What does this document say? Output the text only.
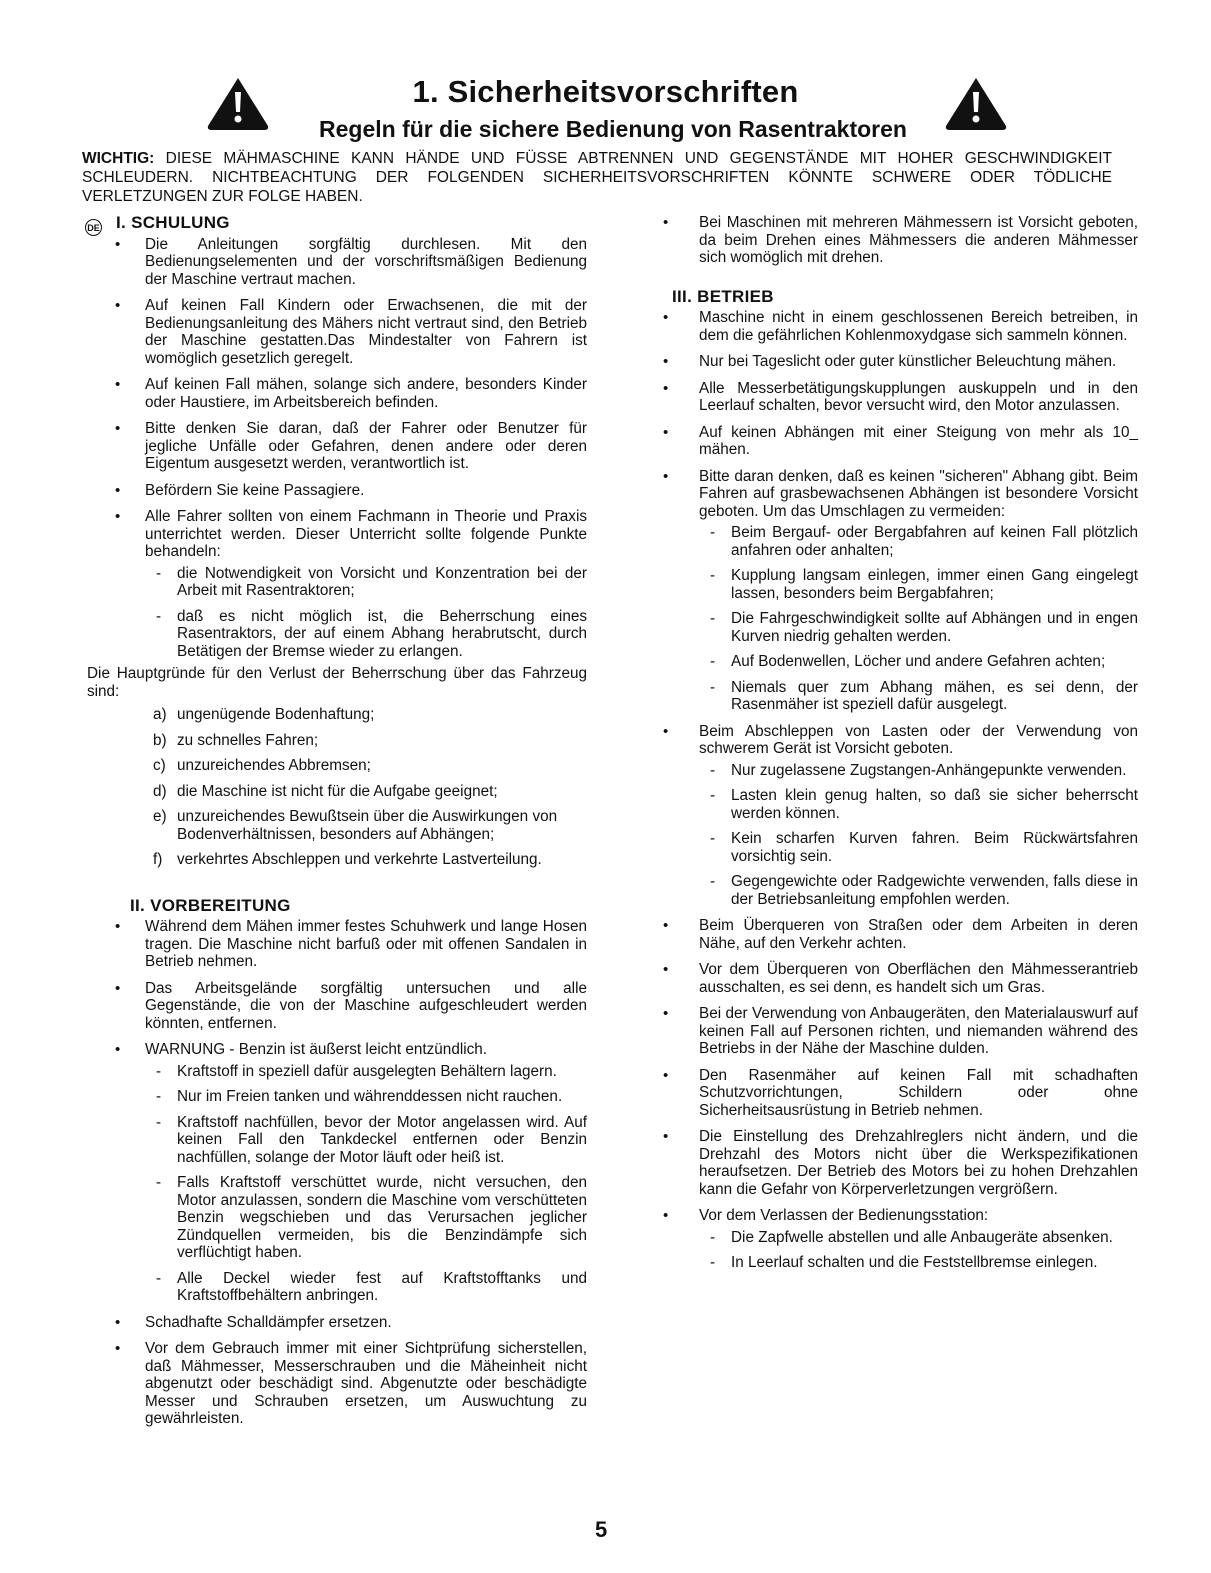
1. Sicherheitsvorschriften
Regeln für die sichere Bedienung von Rasentraktoren
WICHTIG: DIESE MÄHMASCHINE KANN HÄNDE UND FÜSSE ABTRENNEN UND GEGENSTÄNDE MIT HOHER GESCHWINDIGKEIT SCHLEUDERN. NICHTBEACHTUNG DER FOLGENDEN SICHERHEITSVORSCHRIFTEN KÖNNTE SCHWERE ODER TÖDLICHE VERLETZUNGEN ZUR FOLGE HABEN.
DE I. SCHULUNG
• Die Anleitungen sorgfältig durchlesen. Mit den Bedienungselementen und der vorschriftsmäßigen Bedienung der Maschine vertraut machen.
• Auf keinen Fall Kindern oder Erwachsenen, die mit der Bedienungsanleitung des Mähers nicht vertraut sind, den Betrieb der Maschine gestatten.Das Mindestalter von Fahrern ist womöglich gesetzlich geregelt.
• Auf keinen Fall mähen, solange sich andere, besonders Kinder oder Haustiere, im Arbeitsbereich befinden.
• Bitte denken Sie daran, daß der Fahrer oder Benutzer für jegliche Unfälle oder Gefahren, denen andere oder deren Eigentum ausgesetzt werden, verantwortlich ist.
• Befördern Sie keine Passagiere.
• Alle Fahrer sollten von einem Fachmann in Theorie und Praxis unterrichtet werden. Dieser Unterricht sollte folgende Punkte behandeln:
- die Notwendigkeit von Vorsicht und Konzentration bei der Arbeit mit Rasentraktoren;
- daß es nicht möglich ist, die Beherrschung eines Rasentraktors, der auf einem Abhang herabrutscht, durch Betätigen der Bremse wieder zu erlangen.

Die Hauptgründe für den Verlust der Beherrschung über das Fahrzeug sind:

a) ungenügende Bodenhaftung;
b) zu schnelles Fahren;
c) unzureichendes Abbremsen;
d) die Maschine ist nicht für die Aufgabe geeignet;
e) unzureichendes Bewußtsein über die Auswirkungen von Bodenverhältnissen, besonders auf Abhängen;
f) verkehrtes Abschleppen und verkehrte Lastverteilung.
II. VORBEREITUNG
• Während dem Mähen immer festes Schuhwerk und lange Hosen tragen. Die Maschine nicht barfuß oder mit offenen Sandalen in Betrieb nehmen.
• Das Arbeitsgelände sorgfältig untersuchen und alle Gegenstände, die von der Maschine aufgeschleudert werden könnten, entfernen.
• WARNUNG - Benzin ist äußerst leicht entzündlich.
- Kraftstoff in speziell dafür ausgelegten Behältern lagern.
- Nur im Freien tanken und währenddessen nicht rauchen.
- Kraftstoff nachfüllen, bevor der Motor angelassen wird. Auf keinen Fall den Tankdeckel entfernen oder Benzin nachfüllen, solange der Motor läuft oder heiß ist.
- Falls Kraftstoff verschüttet wurde, nicht versuchen, den Motor anzulassen, sondern die Maschine vom verschütteten Benzin wegschieben und das Verursachen jeglicher Zündquellen vermeiden, bis die Benzindämpfe sich verflüchtigt haben.
- Alle Deckel wieder fest auf Kraftstofftanks und Kraftstoffbehältern anbringen.
• Schadhafte Schalldämpfer ersetzen.
• Vor dem Gebrauch immer mit einer Sichtprüfung sicherstellen, daß Mähmesser, Messerschrauben und die Mäheinheit nicht abgenutzt oder beschädigt sind. Abgenutzte oder beschädigte Messer und Schrauben ersetzen, um Auswuchtung zu gewährleisten.
• Bei Maschinen mit mehreren Mähmessern ist Vorsicht geboten, da beim Drehen eines Mähmessers die anderen Mähmesser sich womöglich mit drehen.
III. BETRIEB
• Maschine nicht in einem geschlossenen Bereich betreiben, in dem die gefährlichen Kohlenmoxydgase sich sammeln können.
• Nur bei Tageslicht oder guter künstlicher Beleuchtung mähen.
• Alle Messerbetätigungskupplungen auskuppeln und in den Leerlauf schalten, bevor versucht wird, den Motor anzulassen.
• Auf keinen Abhängen mit einer Steigung von mehr als 10_ mähen.
• Bitte daran denken, daß es keinen "sicheren" Abhang gibt. Beim Fahren auf grasbewachsenen Abhängen ist besondere Vorsicht geboten. Um das Umschlagen zu vermeiden:
- Beim Bergauf- oder Bergabfahren auf keinen Fall plötzlich anfahren oder anhalten;
- Kupplung langsam einlegen, immer einen Gang eingelegt lassen, besonders beim Bergabfahren;
- Die Fahrgeschwindigkeit sollte auf Abhängen und in engen Kurven niedrig gehalten werden.
- Auf Bodenwellen, Löcher und andere Gefahren achten;
- Niemals quer zum Abhang mähen, es sei denn, der Rasenmäher ist speziell dafür ausgelegt.
• Beim Abschleppen von Lasten oder der Verwendung von schwerem Gerät ist Vorsicht geboten.
- Nur zugelassene Zugstangen-Anhängepunkte verwenden.
- Lasten klein genug halten, so daß sie sicher beherrscht werden können.
- Kein scharfen Kurven fahren. Beim Rückwärtsfahren vorsichtig sein.
- Gegengewichte oder Radgewichte verwenden, falls diese in der Betriebsanleitung empfohlen werden.
• Beim Überqueren von Straßen oder dem Arbeiten in deren Nähe, auf den Verkehr achten.
• Vor dem Überqueren von Oberflächen den Mähmesserantrieb ausschalten, es sei denn, es handelt sich um Gras.
• Bei der Verwendung von Anbaugeräten, den Materialauswurf auf keinen Fall auf Personen richten, und niemanden während des Betriebs in der Nähe der Maschine dulden.
• Den Rasenmäher auf keinen Fall mit schadhaften Schutzvorrichtungen, Schildern oder ohne Sicherheitsausrüstung in Betrieb nehmen.
• Die Einstellung des Drehzahlreglers nicht ändern, und die Drehzahl des Motors nicht über die Werkspezifikationen heraufsetzen. Der Betrieb des Motors bei zu hohen Drehzahlen kann die Gefahr von Körperverletzungen vergrößern.
• Vor dem Verlassen der Bedienungsstation:
- Die Zapfwelle abstellen und alle Anbaugeräte absenken.
- In Leerlauf schalten und die Feststellbremse einlegen.
5
